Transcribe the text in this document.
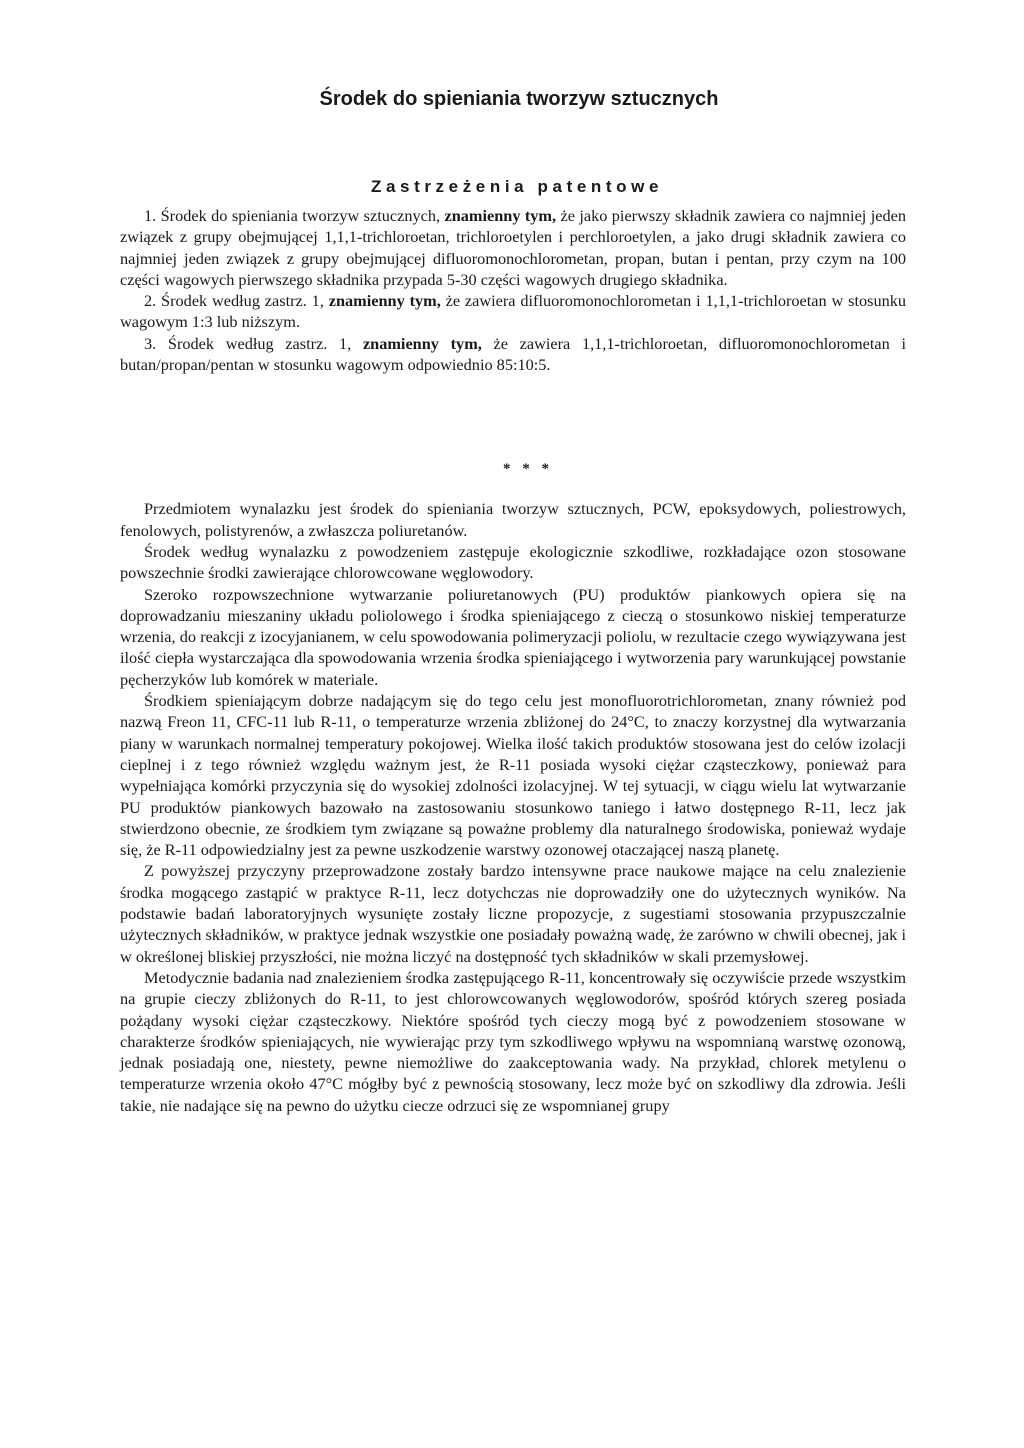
Środek do spieniania tworzyw sztucznych
Zastrzeżenia patentowe

1. Środek do spieniania tworzyw sztucznych, znamienny tym, że jako pierwszy składnik zawiera co najmniej jeden związek z grupy obejmującej 1,1,1-trichloroetan, trichloroetylen i perchloroetylen, a jako drugi składnik zawiera co najmniej jeden związek z grupy obejmującej difluoromonochlorometan, propan, butan i pentan, przy czym na 100 części wagowych pierwszego składnika przypada 5-30 części wagowych drugiego składnika.

2. Środek według zastrz. 1, znamienny tym, że zawiera difluoromonochlorometan i 1,1,1-trichloroetan w stosunku wagowym 1:3 lub niższym.

3. Środek według zastrz. 1, znamienny tym, że zawiera 1,1,1-trichloroetan, difluoromonochlorometan i butan/propan/pentan w stosunku wagowym odpowiednio 85:10:5.

* * *

Przedmiotem wynalazku jest środek do spieniania tworzyw sztucznych, PCW, epoksydowych, poliestrowych, fenolowych, polistyrenów, a zwłaszcza poliuretanów.

Środek według wynalazku z powodzeniem zastępuje ekologicznie szkodliwe, rozkładające ozon stosowane powszechnie środki zawierające chlorowcowane węglowodory.

Szeroko rozpowszechnione wytwarzanie poliuretanowych (PU) produktów piankowych opiera się na doprowadzaniu mieszaniny układu poliolowego i środka spieniającego z cieczą o stosunkowo niskiej temperaturze wrzenia, do reakcji z izocyjanianem, w celu spowodowania polimeryzacji poliolu, w rezultacie czego wywiązywana jest ilość ciepła wystarczająca dla spowodowania wrzenia środka spieniającego i wytworzenia pary warunkującej powstanie pęcherzyków lub komórek w materiale.

Środkiem spieniającym dobrze nadającym się do tego celu jest monofluorotrichlorometan, znany również pod nazwą Freon 11, CFC-11 lub R-11, o temperaturze wrzenia zbliżonej do 24°C, to znaczy korzystnej dla wytwarzania piany w warunkach normalnej temperatury pokojowej. Wielka ilość takich produktów stosowana jest do celów izolacji cieplnej i z tego również względu ważnym jest, że R-11 posiada wysoki ciężar cząsteczkowy, ponieważ para wypełniająca komórki przyczynia się do wysokiej zdolności izolacyjnej. W tej sytuacji, w ciągu wielu lat wytwarzanie PU produktów piankowych bazowało na zastosowaniu stosunkowo taniego i łatwo dostępnego R-11, lecz jak stwierdzono obecnie, ze środkiem tym związane są poważne problemy dla naturalnego środowiska, ponieważ wydaje się, że R-11 odpowiedzialny jest za pewne uszkodzenie warstwy ozonowej otaczającej naszą planetę.

Z powyższej przyczyny przeprowadzone zostały bardzo intensywne prace naukowe mające na celu znalezienie środka mogącego zastąpić w praktyce R-11, lecz dotychczas nie doprowadziły one do użytecznych wyników. Na podstawie badań laboratoryjnych wysunięte zostały liczne propozycje, z sugestiami stosowania przypuszczalnie użytecznych składników, w praktyce jednak wszystkie one posiadały poważną wadę, że zarówno w chwili obecnej, jak i w określonej bliskiej przyszłości, nie można liczyć na dostępność tych składników w skali przemysłowej.

Metodycznie badania nad znalezieniem środka zastępującego R-11, koncentrowały się oczywiście przede wszystkim na grupie cieczy zbliżonych do R-11, to jest chlorowcowanych węglowodorów, spośród których szereg posiada pożądany wysoki ciężar cząsteczkowy. Niektóre spośród tych cieczy mogą być z powodzeniem stosowane w charakterze środków spieniających, nie wywierając przy tym szkodliwego wpływu na wspomnianą warstwę ozonową, jednak posiadają one, niestety, pewne niemożliwe do zaakceptowania wady. Na przykład, chlorek metylenu o temperaturze wrzenia około 47°C mógłby być z pewnością stosowany, lecz może być on szkodliwy dla zdrowia. Jeśli takie, nie nadające się na pewno do użytku ciecze odrzuci się ze wspomnianej grupy
